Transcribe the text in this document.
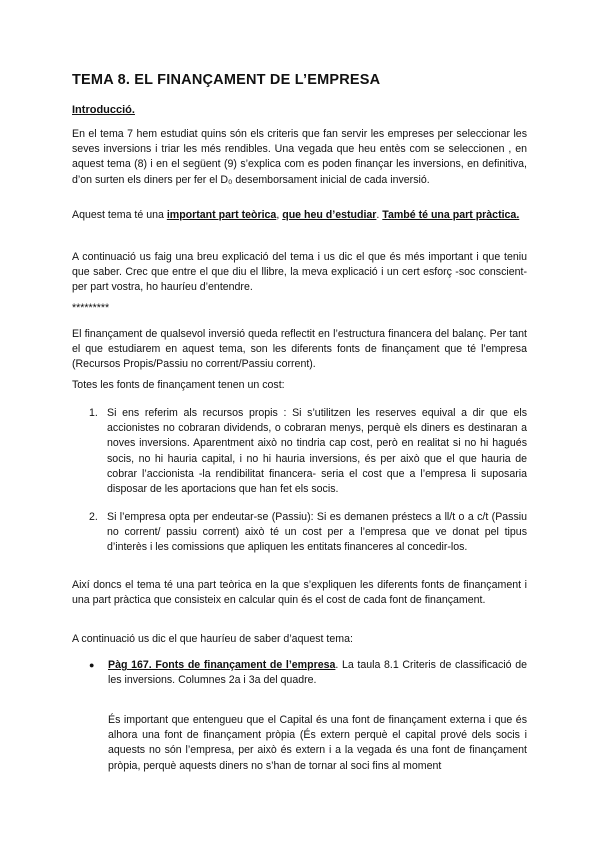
TEMA 8. EL FINANÇAMENT DE L’EMPRESA
Introducció.

En el tema 7 hem estudiat quins són els criteris que fan servir les empreses per seleccionar les seves inversions i triar les més rendibles. Una vegada que heu entès com se seleccionen , en aquest tema (8) i en el següent (9) s’explica com es poden finançar les inversions, en definitiva, d’on surten els diners per fer el D₀ desemborsament inicial de cada inversió.

Aquest tema té una important part teòrica, que heu d’estudiar. També té una part pràctica.

A continuació us faig una breu explicació del tema i us dic el que és més important i que teniu que saber. Crec que entre el que diu el llibre, la meva explicació i un cert esforç -soc conscient- per part vostra, ho hauríeu d’entendre.

*********

El finançament de qualsevol inversió queda reflectit en l’estructura financera del balanç. Per tant el que estudiarem en aquest tema, son les diferents fonts de finançament que té l’empresa (Recursos Propis/Passiu no corrent/Passiu corrent).

Totes les fonts de finançament tenen un cost:

1. Si ens referim als recursos propis : Si s’utilitzen les reserves equival a dir que els accionistes no cobraran dividends, o cobraran menys, perquè els diners es destinaran a noves inversions. Aparentment això no tindria cap cost, però en realitat si no hi hagués socis, no hi hauria capital, i no hi hauria inversions, és per això que el que hauria de cobrar l’accionista -la rendibilitat financera- seria el cost que a l’empresa li suposaria disposar de les aportacions que han fet els socis.
2. Si l’empresa opta per endeutar-se (Passiu): Si es demanen préstecs a ll/t o a c/t (Passiu no corrent/ passiu corrent) això té un cost per a l’empresa que ve donat pel tipus d’interès i les comissions que apliquen les entitats financeres al concedir-los.

Així doncs el tema té una part teòrica en la que s’expliquen les diferents fonts de finançament i una part pràctica que consisteix en calcular quin és el cost de cada font de finançament.

A continuació us dic el que hauríeu de saber d’aquest tema:

● Pàg 167. Fonts de finançament de l’empresa. La taula 8.1 Criteris de classificació de les inversions. Columnes 2a i 3a del quadre.

És important que entengueu que el Capital és una font de finançament externa i que és alhora una font de finançament pròpia (És extern perquè el capital prové dels socis i aquests no són l’empresa, per això és extern i a la vegada és una font de finançament pròpia, perquè aquests diners no s’han de tornar al soci fins al moment
